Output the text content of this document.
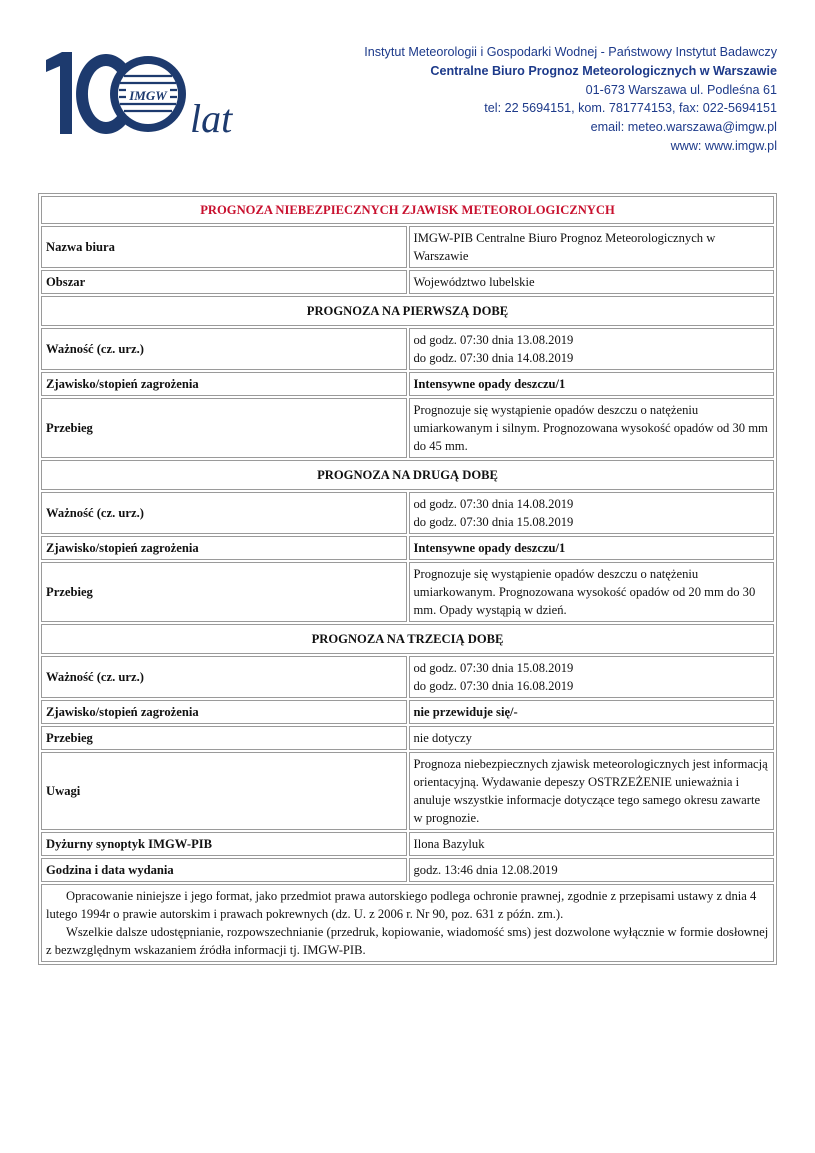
IMGW
lat
Instytut Meteorologii i Gospodarki Wodnej - Państwowy Instytut Badawczy
Centralne Biuro Prognoz Meteorologicznych w Warszawie
01-673 Warszawa ul. Podleśna 61
tel: 22 5694151, kom. 781774153, fax: 022-5694151
email: meteo.warszawa@imgw.pl
www: www.imgw.pl
PROGNOZA NIEBEZPIECZNYCH ZJAWISK METEOROLOGICZNYCH	
Nazwa biura	IMGW-PIB Centralne Biuro Prognoz Meteorologicznych w Warszawie
Obszar	Województwo lubelskie
PROGNOZA NA PIERWSZĄ DOBĘ	
Ważność (cz. urz.)	od godz. 07:30 dnia 13.08.2019
do godz. 07:30 dnia 14.08.2019

Zjawisko/stopień zagrożenia	Intensywne opady deszczu/1
Przebieg	Prognozuje się wystąpienie opadów deszczu o natężeniu umiarkowanym i silnym. Prognozowana wysokość opadów od 30 mm do 45 mm.
PROGNOZA NA DRUGĄ DOBĘ	
Ważność (cz. urz.)	od godz. 07:30 dnia 14.08.2019
do godz. 07:30 dnia 15.08.2019

Zjawisko/stopień zagrożenia	Intensywne opady deszczu/1
Przebieg	Prognozuje się wystąpienie opadów deszczu o natężeniu umiarkowanym. Prognozowana wysokość opadów od 20 mm do 30 mm. Opady wystąpią w dzień.
PROGNOZA NA TRZECIĄ DOBĘ	
Ważność (cz. urz.)	od godz. 07:30 dnia 15.08.2019
do godz. 07:30 dnia 16.08.2019

Zjawisko/stopień zagrożenia	nie przewiduje się/-
Przebieg	nie dotyczy
Uwagi	Prognoza niebezpiecznych zjawisk meteorologicznych jest informacją orientacyjną. Wydawanie depeszy OSTRZEŻENIE unieważnia i anuluje wszystkie informacje dotyczące tego samego okresu zawarte w prognozie.
Dyżurny synoptyk IMGW-PIB	Ilona Bazyluk
Godzina i data wydania	godz. 13:46 dnia 12.08.2019

Opracowanie niniejsze i jego format, jako przedmiot prawa autorskiego podlega ochronie prawnej, zgodnie z przepisami ustawy z dnia 4 lutego 1994r o prawie autorskim i prawach pokrewnych (dz. U. z 2006 r. Nr 90, poz. 631 z późn. zm.).

Wszelkie dalsze udostępnianie, rozpowszechnianie (przedruk, kopiowanie, wiadomość sms) jest dozwolone wyłącznie w formie dosłownej z bezwzględnym wskazaniem źródła informacji tj. IMGW-PIB.	
